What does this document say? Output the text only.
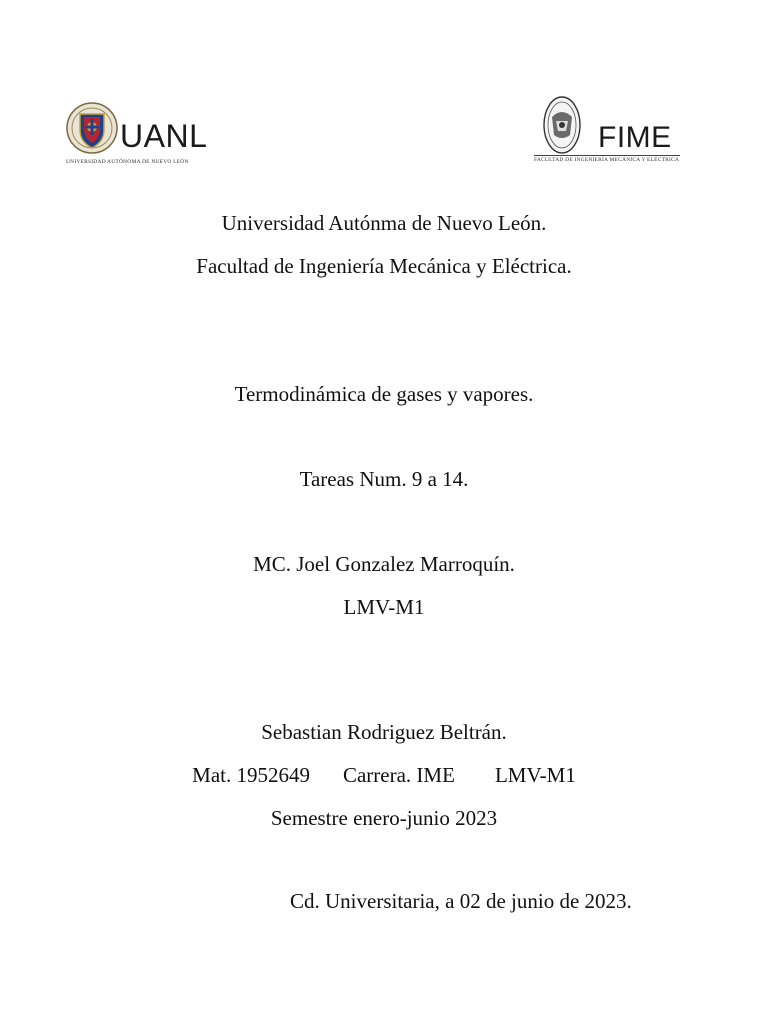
UANL
UNIVERSIDAD AUTÓNOMA DE NUEVO LEÓN
FIME
FACULTAD DE INGENIERÍA MECÁNICA Y ELÉCTRICA
Universidad Autónma de Nuevo León.
Facultad de Ingeniería Mecánica y Eléctrica.
Termodinámica de gases y vapores.
Tareas Num. 9 a 14.
MC. Joel Gonzalez Marroquín.
LMV-M1
Sebastian Rodriguez Beltrán.
Mat. 1952649 Carrera. IME LMV-M1
Semestre enero-junio 2023
Cd. Universitaria, a 02 de junio de 2023.
